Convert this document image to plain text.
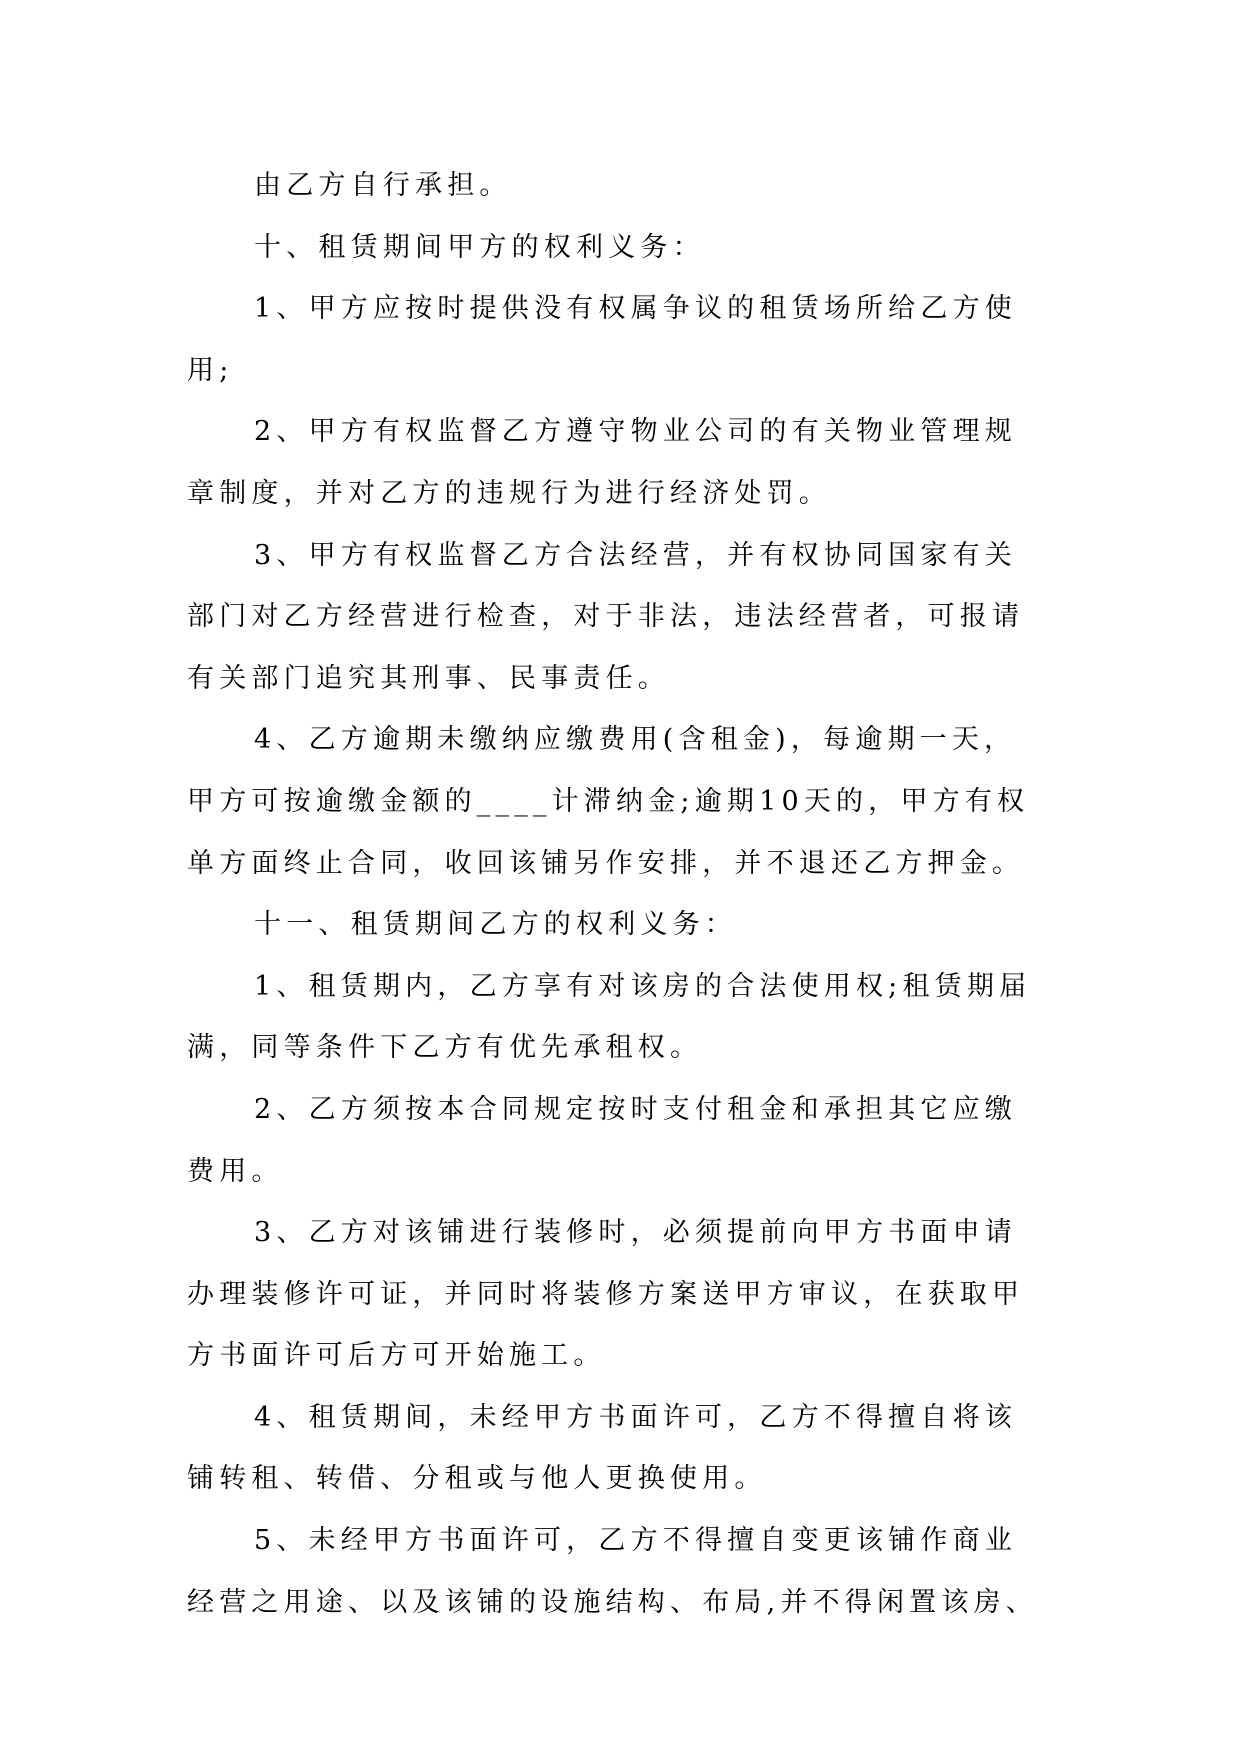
由乙方自行承担。
十、租赁期间甲方的权利义务：
1、甲方应按时提供没有权属争议的租赁场所给乙方使
用;
2、甲方有权监督乙方遵守物业公司的有关物业管理规
章制度，并对乙方的违规行为进行经济处罚。
3、甲方有权监督乙方合法经营，并有权协同国家有关
部门对乙方经营进行检查，对于非法，违法经营者，可报请
有关部门追究其刑事、民事责任。
4、乙方逾期未缴纳应缴费用(含租金)，每逾期一天，
甲方可按逾缴金额的____计滞纳金;逾期10天的，甲方有权
单方面终止合同，收回该铺另作安排，并不退还乙方押金。
十一、租赁期间乙方的权利义务：
1、租赁期内，乙方享有对该房的合法使用权;租赁期届
满，同等条件下乙方有优先承租权。
2、乙方须按本合同规定按时支付租金和承担其它应缴
费用。
3、乙方对该铺进行装修时，必须提前向甲方书面申请
办理装修许可证，并同时将装修方案送甲方审议，在获取甲
方书面许可后方可开始施工。
4、租赁期间，未经甲方书面许可，乙方不得擅自将该
铺转租、转借、分租或与他人更换使用。
5、未经甲方书面许可，乙方不得擅自变更该铺作商业
经营之用途、以及该铺的设施结构、布局,并不得闲置该房、
